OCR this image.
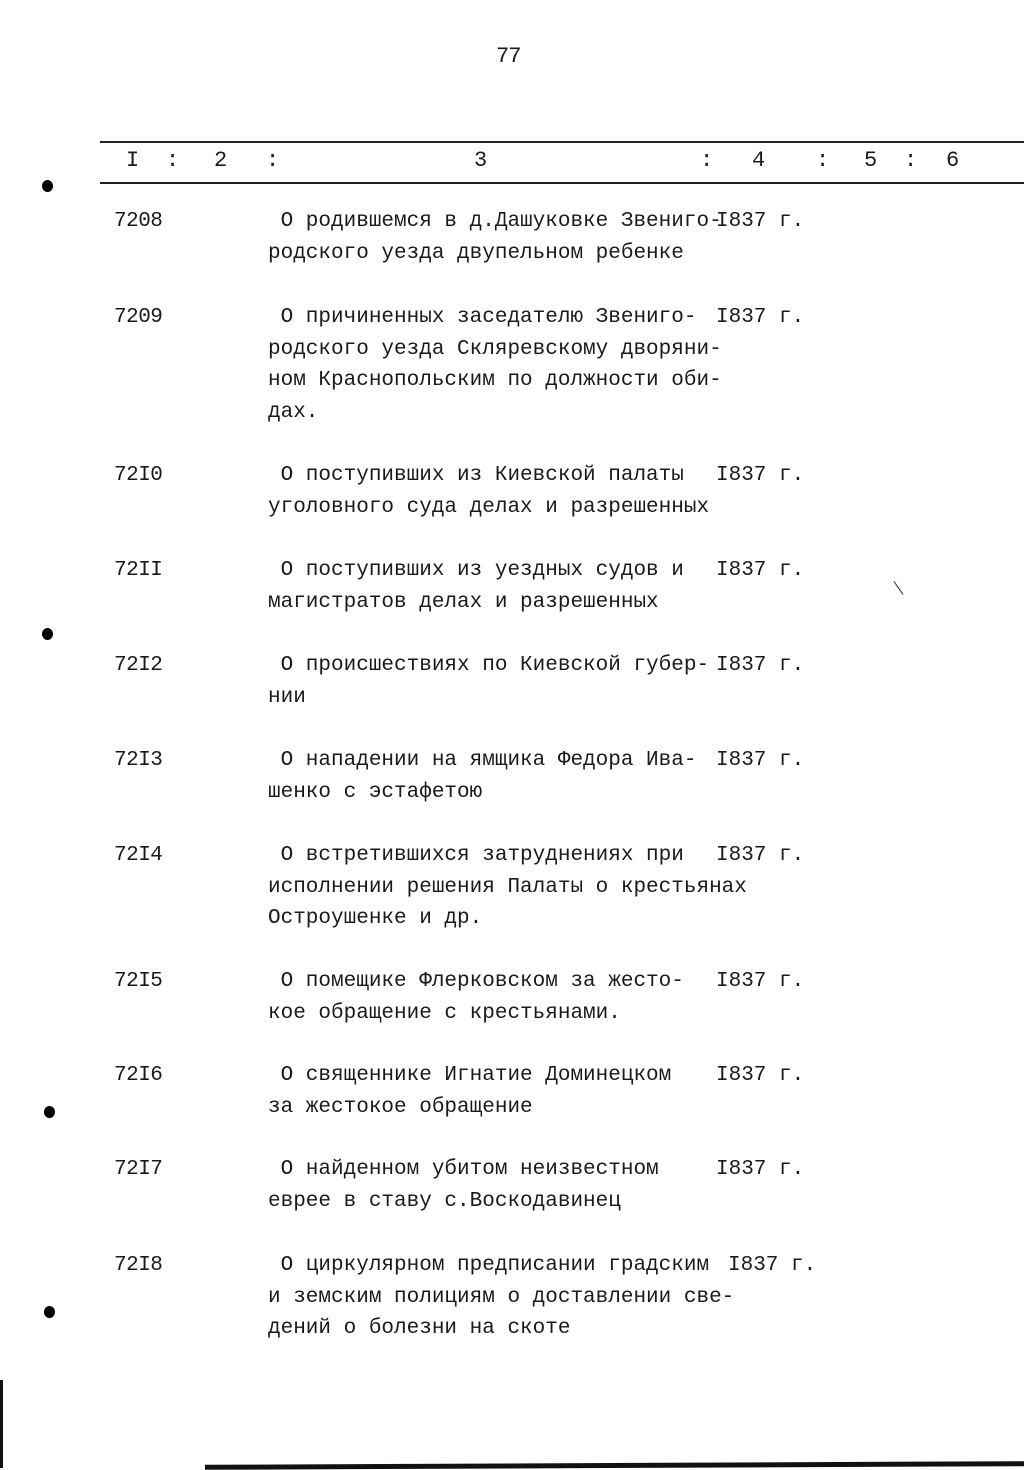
77
I : 2 :	3	: 4 : 5 : 6
7208	О родившемся в д.Дашуковке Звениго-
родского уезда двупельном ребенке
I837 г.
7209	О причиненных заседателю Звениго-
родского уезда Скляревскому дворяни-
ном Краснопольским по должности оби-
дах.
I837 г.
72I0	О поступивших из Киевской палаты
уголовного суда делах и разрешенных
I837 г.
72II	О поступивших из уездных судов и
магистратов делах и разрешенных
I837 г.
72I2	О происшествиях по Киевской губер-
нии
I837 г.
72I3	О нападении на ямщика Федора Ива-
шенко с эстафетою
I837 г.
72I4	О встретившихся затруднениях при
исполнении решения Палаты о крестьянах
Остроушенке и др.
I837 г.
72I5	О помещике Флерковском за жесто-
кое обращение с крестьянами.
I837 г.
72I6	О священнике Игнатие Доминецком
за жестокое обращение
I837 г.
72I7	О найденном убитом неизвестном
еврее в ставу с.Воскодавинец
I837 г.
72I8	О циркулярном предписании градским
и земским полициям о доставлении све-
дений о болезни на скоте
I837 г.
